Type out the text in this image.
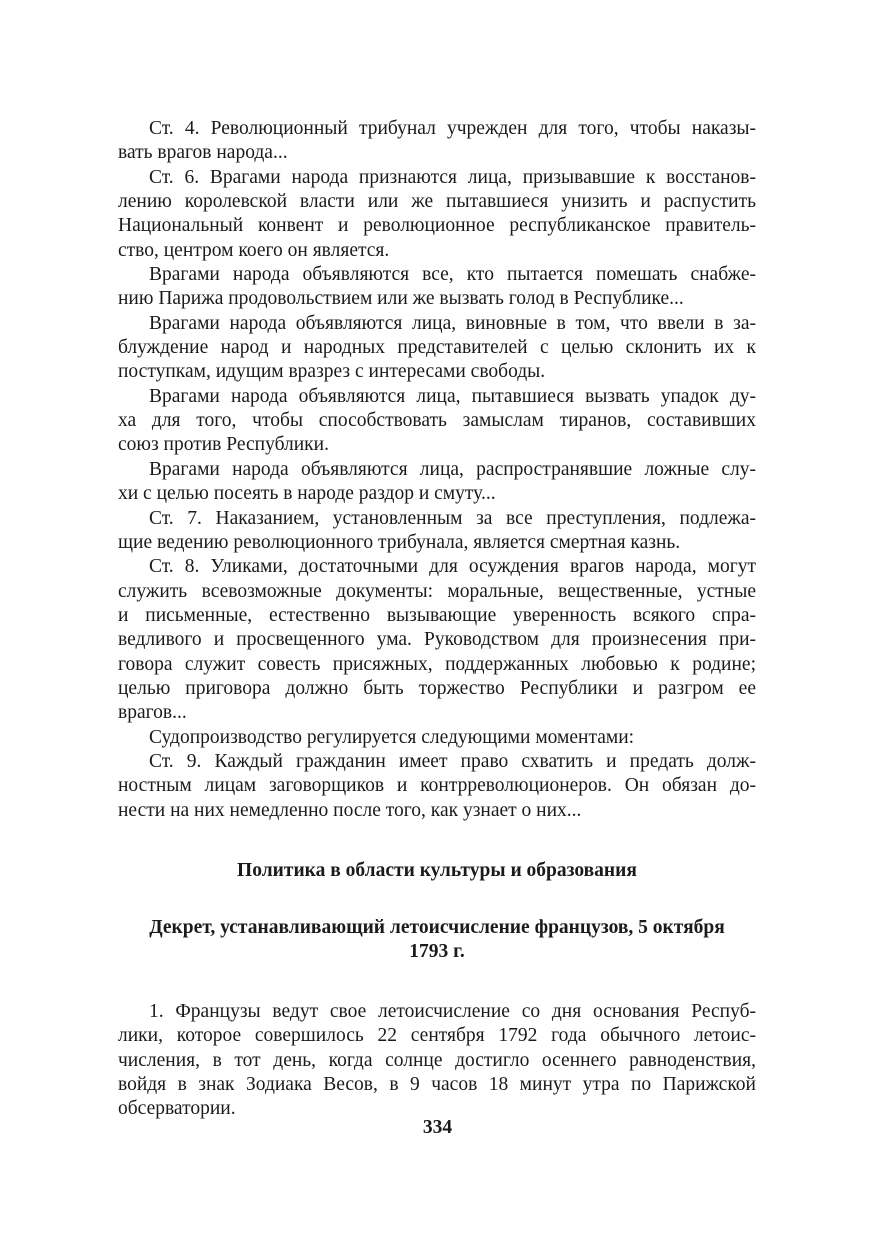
Ст. 4. Революционный трибунал учрежден для того, чтобы наказы-
вать врагов народа...
Ст. 6. Врагами народа признаются лица, призывавшие к восстанов-
лению королевской власти или же пытавшиеся унизить и распустить
Национальный конвент и революционное республиканское правитель-
ство, центром коего он является.
Врагами народа объявляются все, кто пытается помешать снабже-
нию Парижа продовольствием или же вызвать голод в Республике...
Врагами народа объявляются лица, виновные в том, что ввели в за-
блуждение народ и народных представителей с целью склонить их к
поступкам, идущим вразрез с интересами свободы.
Врагами народа объявляются лица, пытавшиеся вызвать упадок ду-
ха для того, чтобы способствовать замыслам тиранов, составивших
союз против Республики.
Врагами народа объявляются лица, распространявшие ложные слу-
хи с целью посеять в народе раздор и смуту...
Ст. 7. Наказанием, установленным за все преступления, подлежа-
щие ведению революционного трибунала, является смертная казнь.
Ст. 8. Уликами, достаточными для осуждения врагов народа, могут
служить всевозможные документы: моральные, вещественные, устные
и письменные, естественно вызывающие уверенность всякого спра-
ведливого и просвещенного ума. Руководством для произнесения при-
говора служит совесть присяжных, поддержанных любовью к родине;
целью приговора должно быть торжество Республики и разгром ее
врагов...
Судопроизводство регулируется следующими моментами:
Ст. 9. Каждый гражданин имеет право схватить и предать долж-
ностным лицам заговорщиков и контрреволюционеров. Он обязан до-
нести на них немедленно после того, как узнает о них...
Политика в области культуры и образования
Декрет, устанавливающий летоисчисление французов, 5 октября
1793 г.
1. Французы ведут свое летоисчисление со дня основания Респуб-
лики, которое совершилось 22 сентября 1792 года обычного летоис-
числения, в тот день, когда солнце достигло осеннего равноденствия,
войдя в знак Зодиака Весов, в 9 часов 18 минут утра по Парижской
обсерватории.
334
